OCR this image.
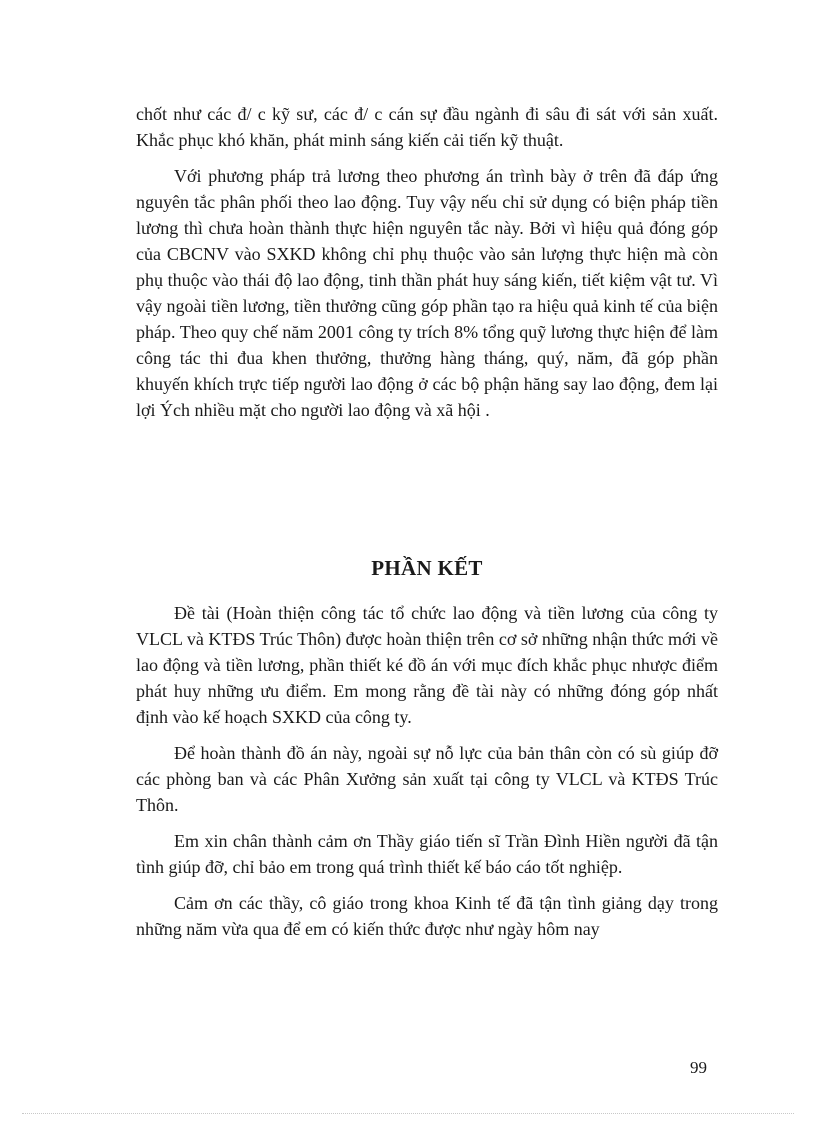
chốt như các đ/ c kỹ sư, các đ/ c cán sự đầu ngành đi sâu đi sát với sản xuất. Khắc phục khó khăn, phát minh sáng kiến cải tiến kỹ thuật.

Với phương pháp trả lương theo phương án trình bày ở trên đã đáp ứng nguyên tắc phân phối theo lao động. Tuy vậy nếu chỉ sử dụng có biện pháp tiền lương thì chưa hoàn thành thực hiện nguyên tắc này. Bởi vì hiệu quả đóng góp của CBCNV vào SXKD không chỉ phụ thuộc vào sản lượng thực hiện mà còn phụ thuộc vào thái độ lao động, tinh thần phát huy sáng kiến, tiết kiệm vật tư. Vì vậy ngoài tiền lương, tiền thưởng cũng góp phần tạo ra hiệu quả kinh tế của biện pháp. Theo quy chế năm 2001 công ty trích 8% tổng quỹ lương thực hiện để làm công tác thi đua khen thưởng, thưởng hàng tháng, quý, năm, đã góp phần khuyến khích trực tiếp người lao động ở các bộ phận hăng say lao động, đem lại lợi Ých nhiều mặt cho người lao động và xã hội .

PHẦN KẾT

Đề tài (Hoàn thiện công tác tổ chức lao động và tiền lương của công ty VLCL và KTĐS Trúc Thôn) được hoàn thiện trên cơ sở những nhận thức mới về lao động và tiền lương, phần thiết ké đồ án với mục đích khắc phục nhược điểm phát huy những ưu điểm. Em mong rằng đề tài này có những đóng góp nhất định vào kế hoạch SXKD của công ty.

Để hoàn thành đồ án này, ngoài sự nỗ lực của bản thân còn có sù giúp đỡ các phòng ban và các Phân Xưởng sản xuất tại công ty VLCL và KTĐS Trúc Thôn.

Em xin chân thành cảm ơn Thầy giáo tiến sĩ Trần Đình Hiền người đã tận tình giúp đỡ, chỉ bảo em trong quá trình thiết kế báo cáo tốt nghiệp.

Cảm ơn các thầy, cô giáo trong khoa Kinh tế đã tận tình giảng dạy trong những năm vừa qua để em có kiến thức được như ngày hôm nay

99
